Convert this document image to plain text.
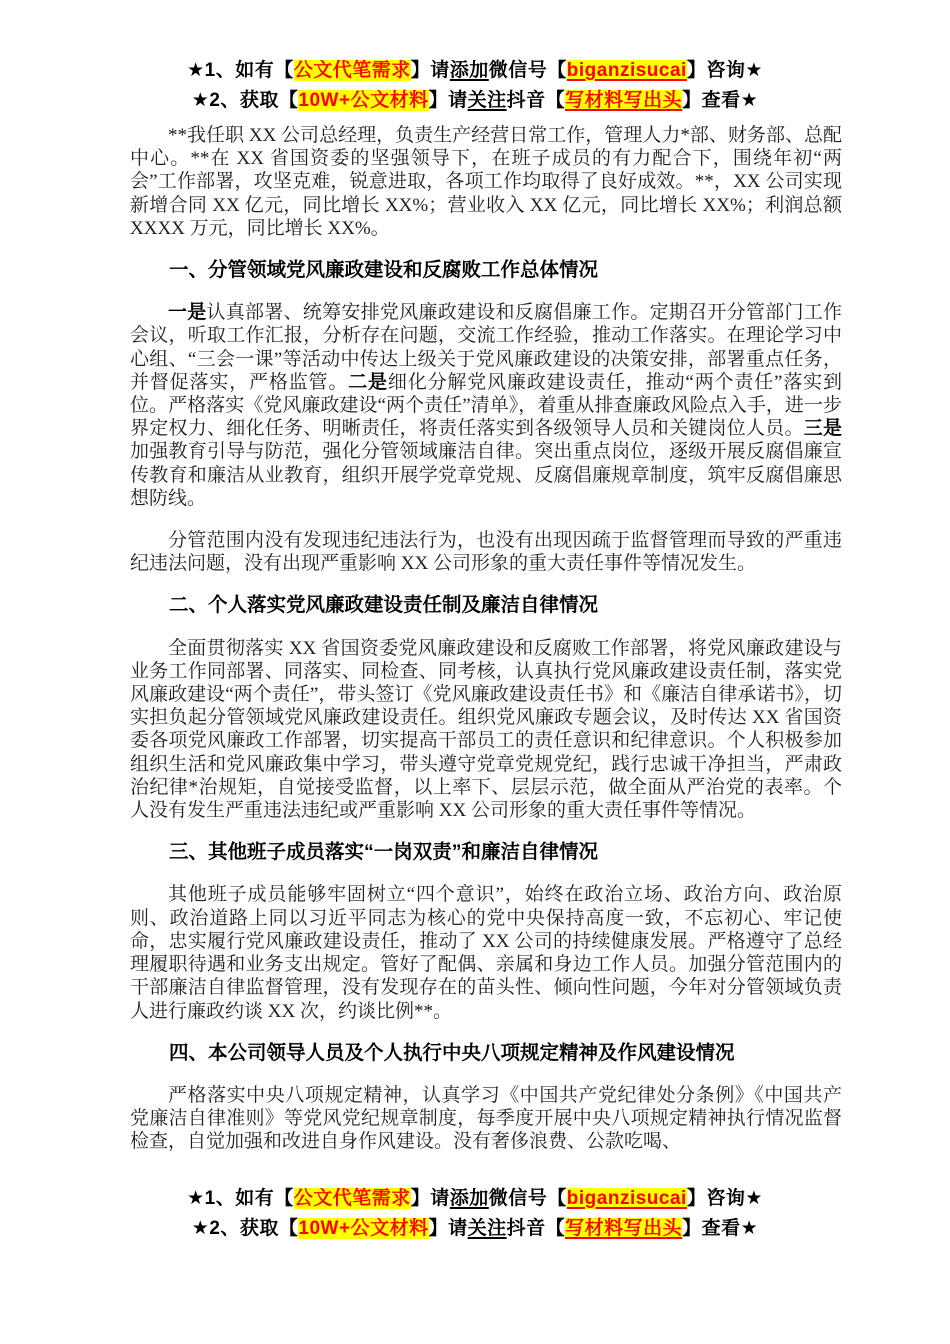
★1、如有【公文代笔需求】请添加微信号【biganzisucai】咨询★
★2、获取【10W+公文材料】请关注抖音【写材料写出头】查看★

**我任职 XX 公司总经理，负责生产经营日常工作，管理人力*部、财务部、总配中心。**在 XX 省国资委的坚强领导下，在班子成员的有力配合下，围绕年初“两会”工作部署，攻坚克难，锐意进取，各项工作均取得了良好成效。**，XX 公司实现新增合同 XX 亿元，同比增长 XX%；营业收入 XX 亿元，同比增长 XX%；利润总额 XXXX 万元，同比增长 XX%。

一、分管领域党风廉政建设和反腐败工作总体情况

一是认真部署、统筹安排党风廉政建设和反腐倡廉工作。定期召开分管部门工作会议，听取工作汇报，分析存在问题，交流工作经验，推动工作落实。在理论学习中心组、“三会一课”等活动中传达上级关于党风廉政建设的决策安排，部署重点任务，并督促落实，严格监管。二是细化分解党风廉政建设责任，推动“两个责任”落实到位。严格落实《党风廉政建设“两个责任”清单》，着重从排查廉政风险点入手，进一步界定权力、细化任务、明晰责任，将责任落实到各级领导人员和关键岗位人员。三是加强教育引导与防范，强化分管领域廉洁自律。突出重点岗位，逐级开展反腐倡廉宣传教育和廉洁从业教育，组织开展学党章党规、反腐倡廉规章制度，筑牢反腐倡廉思想防线。

分管范围内没有发现违纪违法行为，也没有出现因疏于监督管理而导致的严重违纪违法问题，没有出现严重影响 XX 公司形象的重大责任事件等情况发生。

二、个人落实党风廉政建设责任制及廉洁自律情况

全面贯彻落实 XX 省国资委党风廉政建设和反腐败工作部署，将党风廉政建设与业务工作同部署、同落实、同检查、同考核，认真执行党风廉政建设责任制，落实党风廉政建设“两个责任”，带头签订《党风廉政建设责任书》和《廉洁自律承诺书》，切实担负起分管领域党风廉政建设责任。组织党风廉政专题会议，及时传达 XX 省国资委各项党风廉政工作部署，切实提高干部员工的责任意识和纪律意识。个人积极参加组织生活和党风廉政集中学习，带头遵守党章党规党纪，践行忠诚干净担当，严肃政治纪律*治规矩，自觉接受监督，以上率下、层层示范，做全面从严治党的表率。个人没有发生严重违法违纪或严重影响 XX 公司形象的重大责任事件等情况。

三、其他班子成员落实“一岗双责”和廉洁自律情况

其他班子成员能够牢固树立“四个意识”，始终在政治立场、政治方向、政治原则、政治道路上同以习近平同志为核心的党中央保持高度一致，不忘初心、牢记使命，忠实履行党风廉政建设责任，推动了 XX 公司的持续健康发展。严格遵守了总经理履职待遇和业务支出规定。管好了配偶、亲属和身边工作人员。加强分管范围内的干部廉洁自律监督管理，没有发现存在的苗头性、倾向性问题，今年对分管领域负责人进行廉政约谈 XX 次，约谈比例**。

四、本公司领导人员及个人执行中央八项规定精神及作风建设情况

严格落实中央八项规定精神，认真学习《中国共产党纪律处分条例》《中国共产党廉洁自律准则》等党风党纪规章制度，每季度开展中央八项规定精神执行情况监督检查，自觉加强和改进自身作风建设。没有奢侈浪费、公款吃喝、

★1、如有【公文代笔需求】请添加微信号【biganzisucai】咨询★
★2、获取【10W+公文材料】请关注抖音【写材料写出头】查看★
